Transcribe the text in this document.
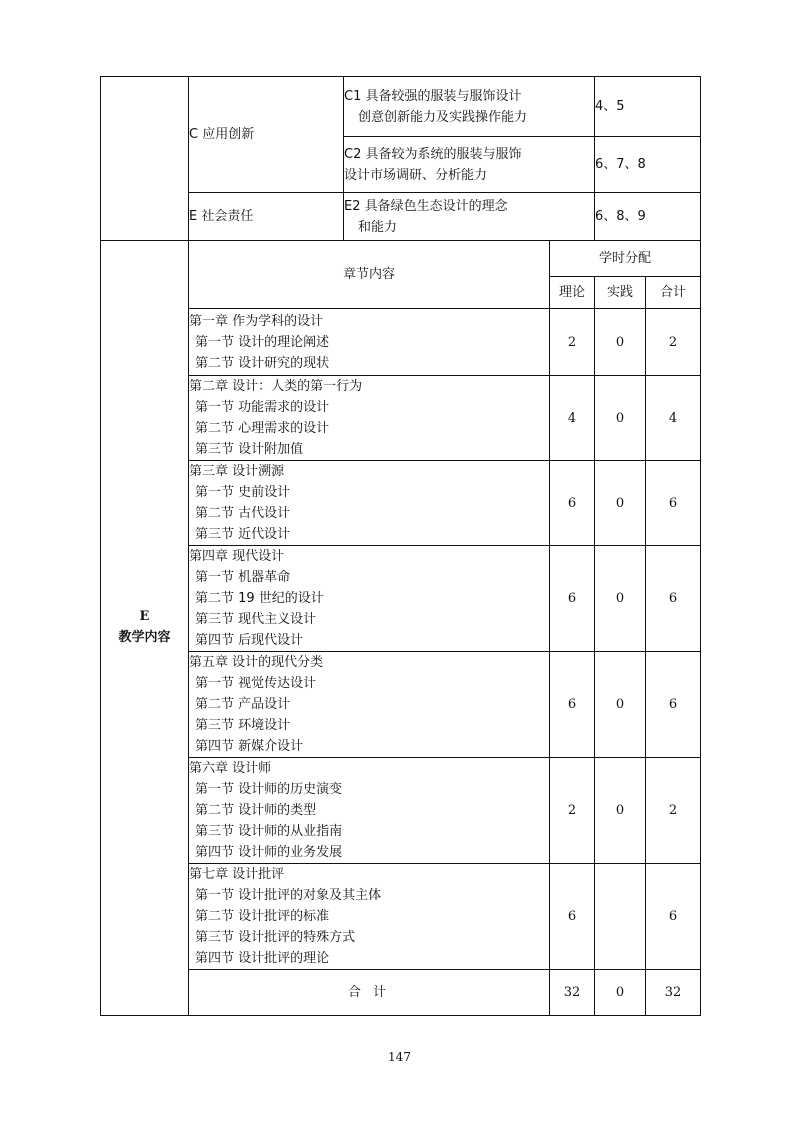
	C 应用创新	C1 具备较强的服装与服饰设计
创意创新能力及实践操作能力		4、5	

		C2 具备较为系统的服装与服饰
设计市场调研、分析能力		6、7、8	
	E 社会责任	E2 具备绿色生态设计的理念
和能力		6、8、9	

E
教学内容	章节内容		学时分配		
			理论	实践	合计

	第一章 作为学科的设计
第一节 设计的理论阐述
第二节 设计研究的现状		2	0	2

	第二章 设计：人类的第一行为
第一节 功能需求的设计
第二节 心理需求的设计
第三节 设计附加值		4	0	4

	第三章 设计溯源
第一节 史前设计
第二节 古代设计
第三节 近代设计		6	0	6

	第四章 现代设计
第一节 机器革命
第二节 19 世纪的设计
第三节 现代主义设计
第四节 后现代设计		6	0	6

	第五章 设计的现代分类
第一节 视觉传达设计
第二节 产品设计
第三节 环境设计
第四节 新媒介设计		6	0	6

	第六章 设计师
第一节 设计师的历史演变
第二节 设计师的类型
第三节 设计师的从业指南
第四节 设计师的业务发展		2	0	2

	第七章 设计批评
第一节 设计批评的对象及其主体
第二节 设计批评的标准
第三节 设计批评的特殊方式
第四节 设计批评的理论		6		6
	合 计		32	0	32
147
